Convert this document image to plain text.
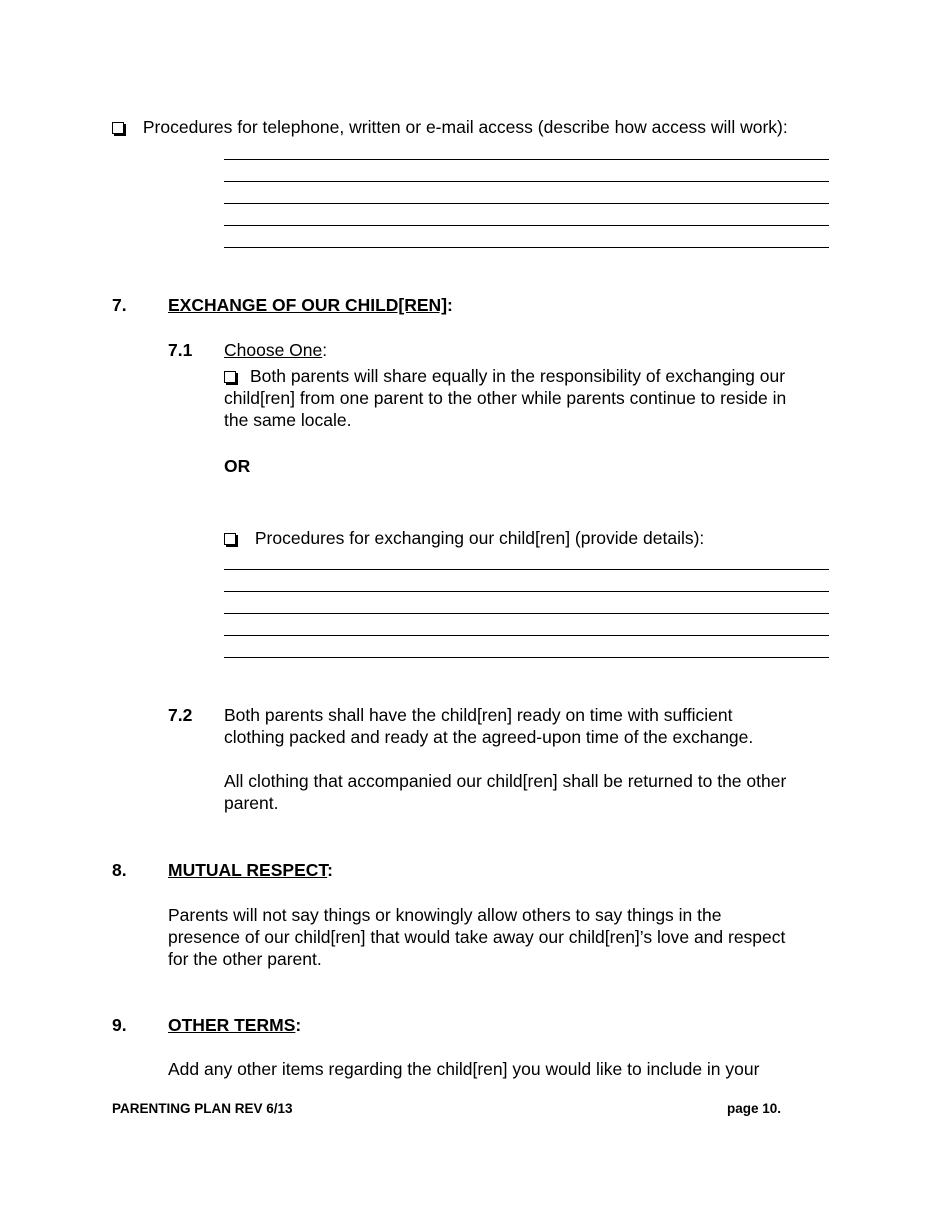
Procedures for telephone, written or e-mail access (describe how access will work):
7. EXCHANGE OF OUR CHILD[REN]:
7.1 Choose One:

Both parents will share equally in the responsibility of exchanging our

child[ren] from one parent to the other while parents continue to reside in

the same locale.

OR
Procedures for exchanging our child[ren] (provide details):
7.2 Both parents shall have the child[ren] ready on time with sufficient

clothing packed and ready at the agreed-upon time of the exchange.

All clothing that accompanied our child[ren] shall be returned to the other

parent.

8. MUTUAL RESPECT:

Parents will not say things or knowingly allow others to say things in the

presence of our child[ren] that would take away our child[ren]’s love and respect

for the other parent.

9. OTHER TERMS:

Add any other items regarding the child[ren] you would like to include in your

PARENTING PLAN REV 6/13	page 10.
